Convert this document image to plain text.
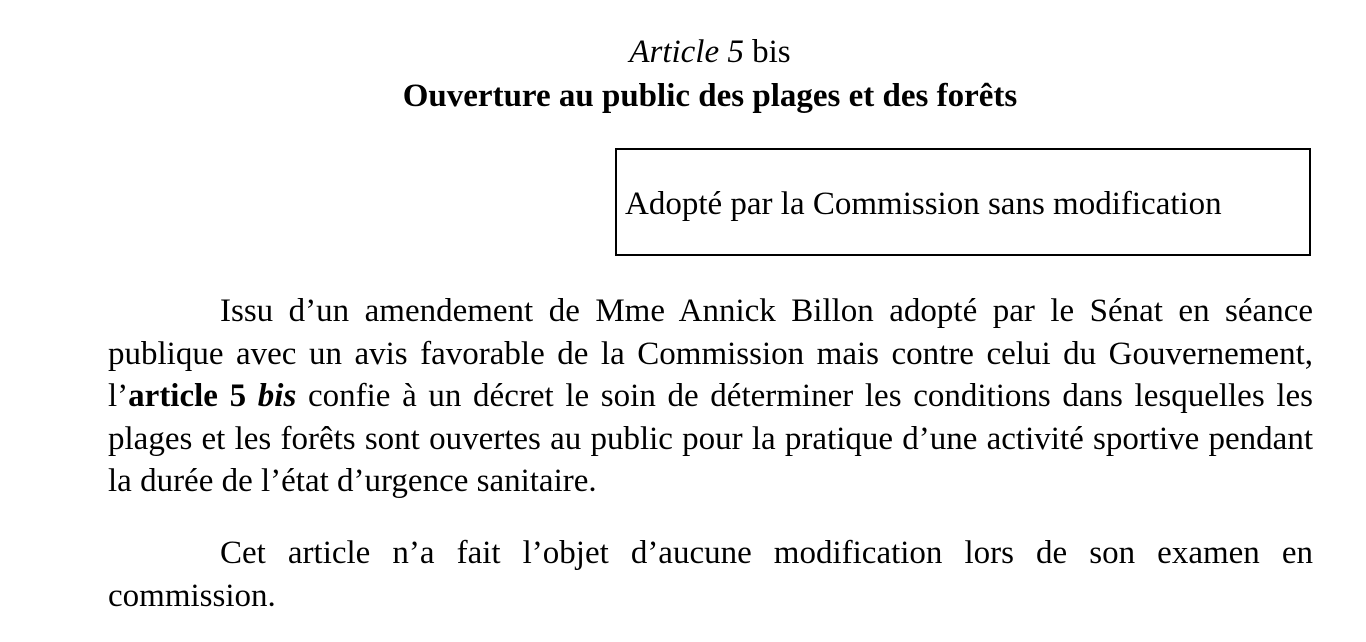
Article 5 bis
Ouverture au public des plages et des forêts
Adopté par la Commission sans modification

Issu d’un amendement de Mme Annick Billon adopté par le Sénat en séance publique avec un avis favorable de la Commission mais contre celui du Gouvernement, l’article 5 bis confie à un décret le soin de déterminer les conditions dans lesquelles les plages et les forêts sont ouvertes au public pour la pratique d’une activité sportive pendant la durée de l’état d’urgence sanitaire.

Cet article n’a fait l’objet d’aucune modification lors de son examen en commission.
